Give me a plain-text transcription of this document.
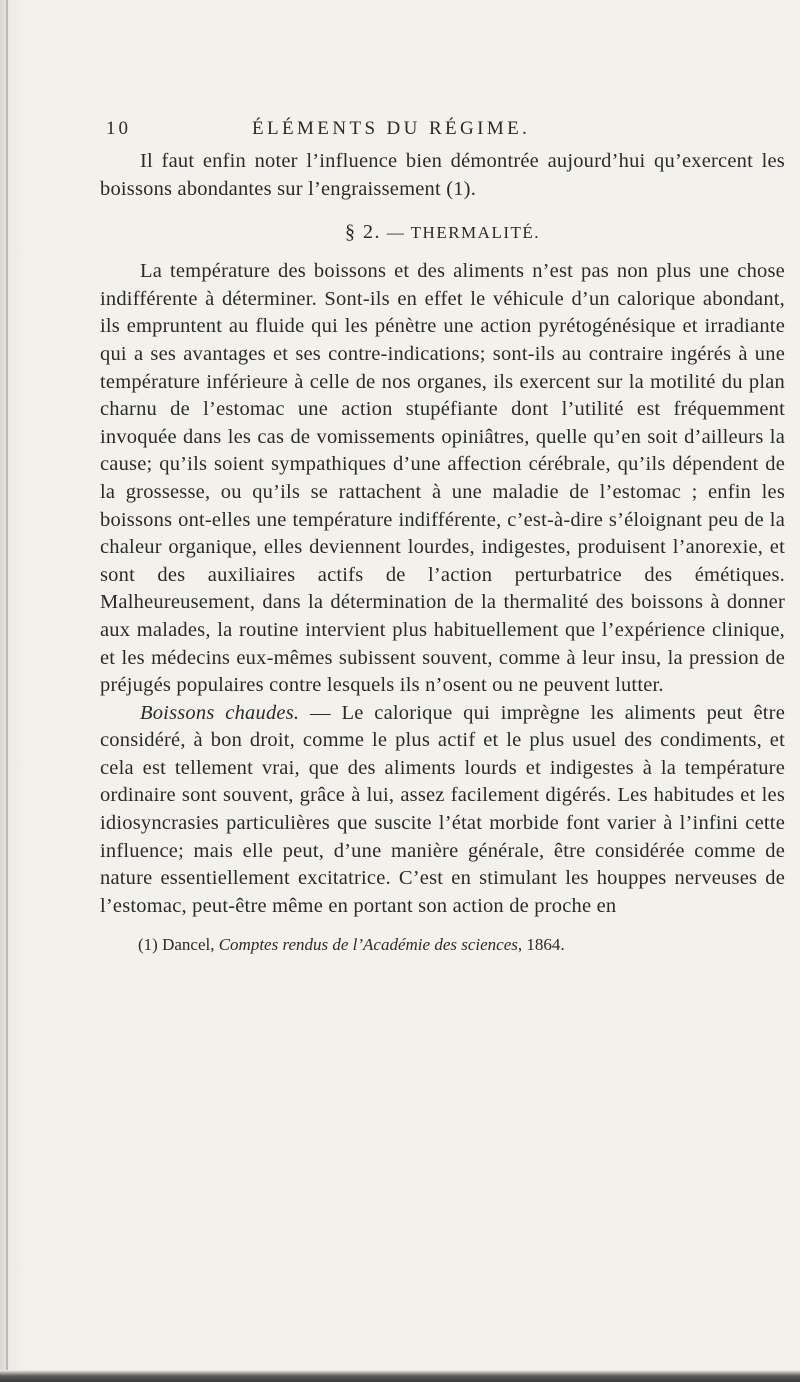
10	ÉLÉMENTS DU RÉGIME.

Il faut enfin noter l’influence bien démontrée aujourd’hui qu’exercent les boissons abondantes sur l’engraissement (1).

§ 2. — THERMALITÉ.

La température des boissons et des aliments n’est pas non plus une chose indifférente à déterminer. Sont-ils en effet le véhicule d’un calorique abondant, ils empruntent au fluide qui les pénètre une action pyrétogénésique et irradiante qui a ses avantages et ses contre-indications; sont-ils au contraire ingérés à une température inférieure à celle de nos organes, ils exercent sur la motilité du plan charnu de l’estomac une action stupéfiante dont l’utilité est fréquemment invoquée dans les cas de vomissements opiniâtres, quelle qu’en soit d’ailleurs la cause; qu’ils soient sympathiques d’une affection cérébrale, qu’ils dépendent de la grossesse, ou qu’ils se rattachent à une maladie de l’estomac ; enfin les boissons ont-elles une température indifférente, c’est-à-dire s’éloignant peu de la chaleur organique, elles deviennent lourdes, indigestes, produisent l’anorexie, et sont des auxiliaires actifs de l’action perturbatrice des émétiques. Malheureusement, dans la détermination de la thermalité des boissons à donner aux malades, la routine intervient plus habituellement que l’expérience clinique, et les médecins eux-mêmes subissent souvent, comme à leur insu, la pression de préjugés populaires contre lesquels ils n’osent ou ne peuvent lutter.

Boissons chaudes. — Le calorique qui imprègne les aliments peut être considéré, à bon droit, comme le plus actif et le plus usuel des condiments, et cela est tellement vrai, que des aliments lourds et indigestes à la température ordinaire sont souvent, grâce à lui, assez facilement digérés. Les habitudes et les idiosyncrasies particulières que suscite l’état morbide font varier à l’infini cette influence; mais elle peut, d’une manière générale, être considérée comme de nature essentiellement excitatrice. C’est en stimulant les houppes nerveuses de l’estomac, peut-être même en portant son action de proche en

(1) Dancel, Comptes rendus de l’Académie des sciences, 1864.
